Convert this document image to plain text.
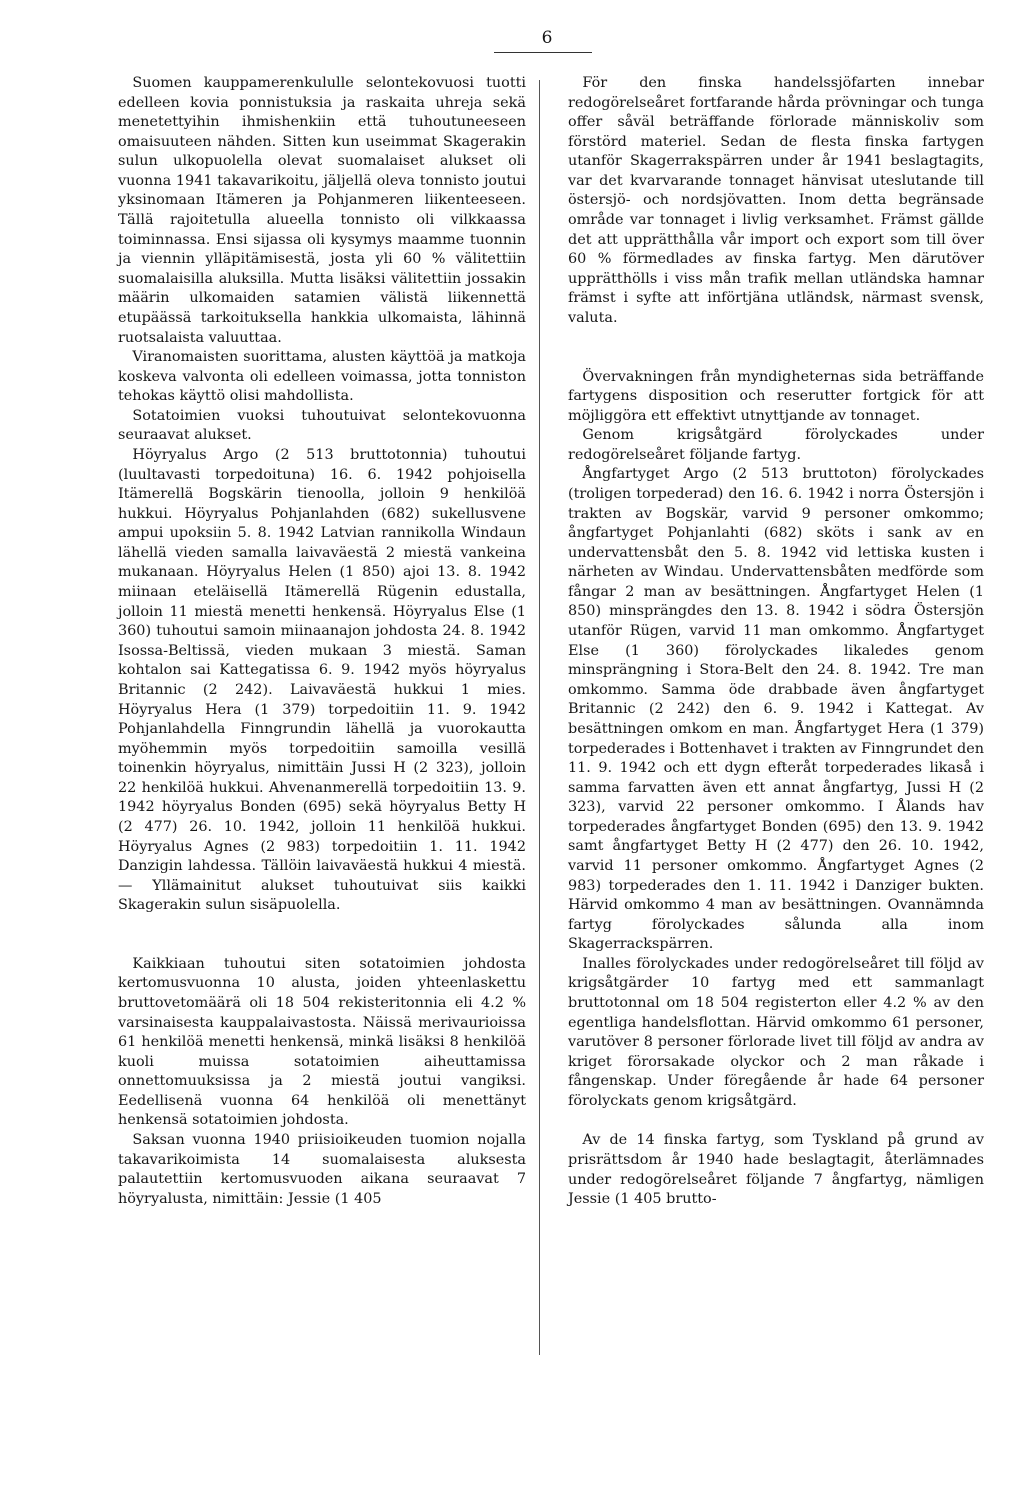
6

Suomen kauppamerenkululle selontekovuosi tuotti edelleen kovia ponnistuksia ja raskaita uhreja sekä menetettyihin ihmishenkiin että tuhoutuneeseen omaisuuteen nähden. Sitten kun useimmat Skagerakin sulun ulkopuolella olevat suomalaiset alukset oli vuonna 1941 takavarikoitu, jäljellä oleva tonnisto joutui yksinomaan Itämeren ja Pohjanmeren liikenteeseen. Tällä rajoitetulla alueella tonnisto oli vilkkaassa toiminnassa. Ensi sijassa oli kysymys maamme tuonnin ja viennin ylläpitämisestä, josta yli 60 % välitettiin suomalaisilla aluksilla. Mutta lisäksi välitettiin jossakin määrin ulkomaiden satamien välistä liikennettä etupäässä tarkoituksella hankkia ulkomaista, lähinnä ruotsalaista valuuttaa.

Viranomaisten suorittama, alusten käyttöä ja matkoja koskeva valvonta oli edelleen voimassa, jotta tonniston tehokas käyttö olisi mahdollista.

Sotatoimien vuoksi tuhoutuivat selontekovuonna seuraavat alukset.

Höyryalus Argo (2 513 bruttotonnia) tuhoutui (luultavasti torpedoituna) 16. 6. 1942 pohjoisella Itämerellä Bogskärin tienoolla, jolloin 9 henkilöä hukkui. Höyryalus Pohjanlahden (682) sukellusvene ampui upoksiin 5. 8. 1942 Latvian rannikolla Windaun lähellä vieden samalla laivaväestä 2 miestä vankeina mukanaan. Höyryalus Helen (1 850) ajoi 13. 8. 1942 miinaan eteläisellä Itämerellä Rügenin edustalla, jolloin 11 miestä menetti henkensä. Höyryalus Else (1 360) tuhoutui samoin miinaanajon johdosta 24. 8. 1942 Isossa-Beltissä, vieden mukaan 3 miestä. Saman kohtalon sai Kattegatissa 6. 9. 1942 myös höyryalus Britannic (2 242). Laivaväestä hukkui 1 mies. Höyryalus Hera (1 379) torpedoitiin 11. 9. 1942 Pohjanlahdella Finngrundin lähellä ja vuorokautta myöhemmin myös torpedoitiin samoilla vesillä toinenkin höyryalus, nimittäin Jussi H (2 323), jolloin 22 henkilöä hukkui. Ahvenanmerellä torpedoitiin 13. 9. 1942 höyryalus Bonden (695) sekä höyryalus Betty H (2 477) 26. 10. 1942, jolloin 11 henkilöä hukkui. Höyryalus Agnes (2 983) torpedoitiin 1. 11. 1942 Danzigin lahdessa. Tällöin laivaväestä hukkui 4 miestä. — Yllämainitut alukset tuhoutuivat siis kaikki Skagerakin sulun sisäpuolella.

Kaikkiaan tuhoutui siten sotatoimien johdosta kertomusvuonna 10 alusta, joiden yhteenlaskettu bruttovetomäärä oli 18 504 rekisteritonnia eli 4.2 % varsinaisesta kauppalaivastosta. Näissä merivaurioissa 61 henkilöä menetti henkensä, minkä lisäksi 8 henkilöä kuoli muissa sotatoimien aiheuttamissa onnettomuuksissa ja 2 miestä joutui vangiksi. Eedellisenä vuonna 64 henkilöä oli menettänyt henkensä sotatoimien johdosta.

Saksan vuonna 1940 priisioikeuden tuomion nojalla takavarikoimista 14 suomalaisesta aluksesta palautettiin kertomusvuoden aikana seuraavat 7 höyryalusta, nimittäin: Jessie (1 405

För den finska handelssjöfarten innebar redogörelseåret fortfarande hårda prövningar och tunga offer såväl beträffande förlorade människoliv som förstörd materiel. Sedan de flesta finska fartygen utanför Skagerrakspärren under år 1941 beslagtagits, var det kvarvarande tonnaget hänvisat uteslutande till östersjö- och nordsjövatten. Inom detta begränsade område var tonnaget i livlig verksamhet. Främst gällde det att upprätthålla vår import och export som till över 60 % förmedlades av finska fartyg. Men därutöver upprätthölls i viss mån trafik mellan utländska hamnar främst i syfte att införtjäna utländsk, närmast svensk, valuta.

Övervakningen från myndigheternas sida beträffande fartygens disposition och reserutter fortgick för att möjliggöra ett effektivt utnyttjande av tonnaget.

Genom krigsåtgärd förolyckades under redogörelseåret följande fartyg.

Ångfartyget Argo (2 513 bruttoton) förolyckades (troligen torpederad) den 16. 6. 1942 i norra Östersjön i trakten av Bogskär, varvid 9 personer omkommo; ångfartyget Pohjanlahti (682) sköts i sank av en undervattensbåt den 5. 8. 1942 vid lettiska kusten i närheten av Windau. Undervattensbåten medförde som fångar 2 man av besättningen. Ångfartyget Helen (1 850) minsprängdes den 13. 8. 1942 i södra Östersjön utanför Rügen, varvid 11 man omkommo. Ångfartyget Else (1 360) förolyckades likaledes genom minsprängning i Stora-Belt den 24. 8. 1942. Tre man omkommo. Samma öde drabbade även ångfartyget Britannic (2 242) den 6. 9. 1942 i Kattegat. Av besättningen omkom en man. Ångfartyget Hera (1 379) torpederades i Bottenhavet i trakten av Finngrundet den 11. 9. 1942 och ett dygn efteråt torpederades likaså i samma farvatten även ett annat ångfartyg, Jussi H (2 323), varvid 22 personer omkommo. I Ålands hav torpederades ångfartyget Bonden (695) den 13. 9. 1942 samt ångfartyget Betty H (2 477) den 26. 10. 1942, varvid 11 personer omkommo. Ångfartyget Agnes (2 983) torpederades den 1. 11. 1942 i Danziger bukten. Härvid omkommo 4 man av besättningen. Ovannämnda fartyg förolyckades sålunda alla inom Skagerrackspärren.

Inalles förolyckades under redogörelseåret till följd av krigsåtgärder 10 fartyg med ett sammanlagt bruttotonnal om 18 504 registerton eller 4.2 % av den egentliga handelsflottan. Härvid omkommo 61 personer, varutöver 8 personer förlorade livet till följd av andra av kriget förorsakade olyckor och 2 man råkade i fångenskap. Under föregående år hade 64 personer förolyckats genom krigsåtgärd.

Av de 14 finska fartyg, som Tyskland på grund av prisrättsdom år 1940 hade beslagtagit, återlämnades under redogörelseåret följande 7 ångfartyg, nämligen Jessie (1 405 brutto-
